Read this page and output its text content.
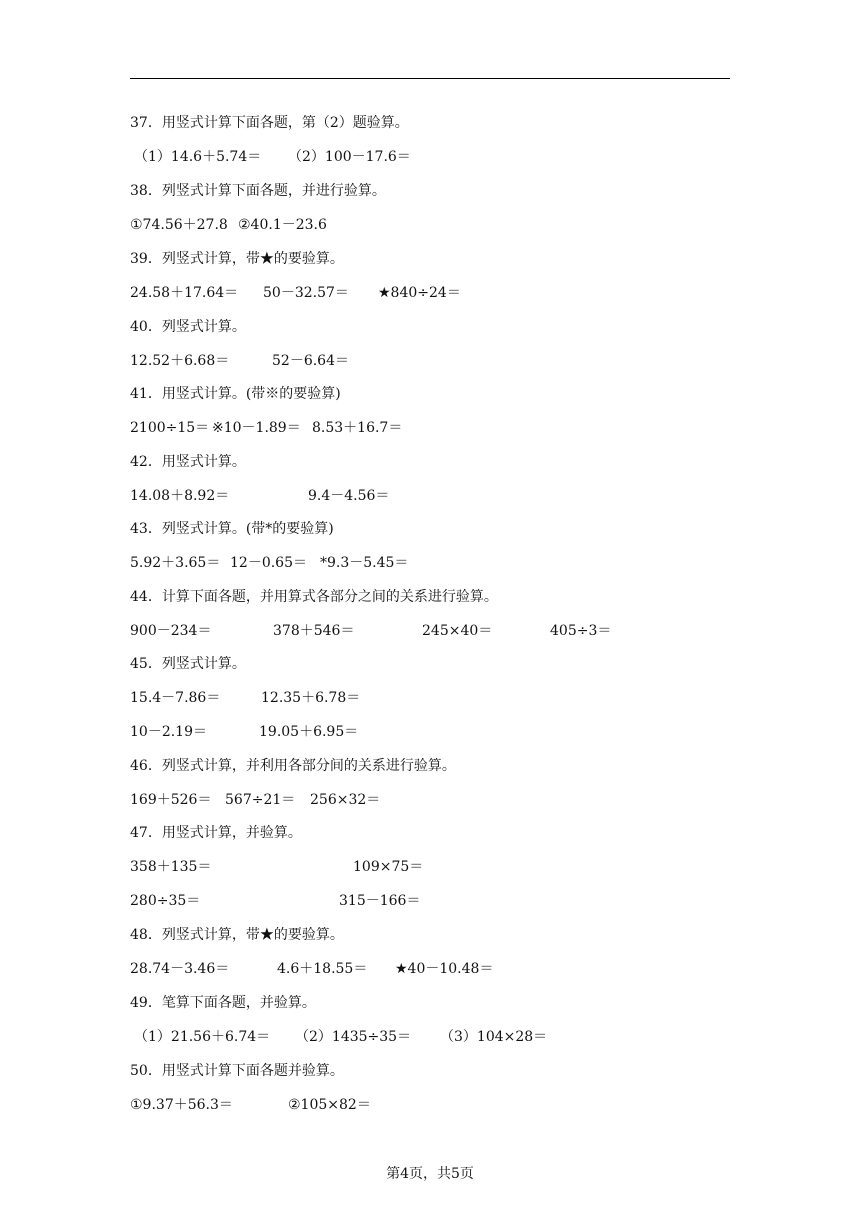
37．用竖式计算下面各题，第（2）题验算。
（1）14.6＋5.74＝ （2）100－17.6＝
38．列竖式计算下面各题，并进行验算。
①74.56＋27.8 ②40.1－23.6
39．列竖式计算，带★的要验算。
24.58＋17.64＝ 50－32.57＝ ★840÷24＝
40．列竖式计算。
12.52＋6.68＝	52－6.64＝
41．用竖式计算。(带※的要验算)
2100÷15＝ ※10－1.89＝ 8.53＋16.7＝
42．用竖式计算。
14.08＋8.92＝	9.4－4.56＝
43．列竖式计算。(带*的要验算)
5.92＋3.65＝ 12－0.65＝ *9.3－5.45＝
44．计算下面各题，并用算式各部分之间的关系进行验算。
900－234＝	378＋546＝	245×40＝	405÷3＝
45．列竖式计算。
15.4－7.86＝	12.35＋6.78＝
10－2.19＝	19.05＋6.95＝
46．列竖式计算，并利用各部分间的关系进行验算。
169＋526＝ 567÷21＝ 256×32＝
47．用竖式计算，并验算。
358＋135＝	109×75＝
280÷35＝	315－166＝
48．列竖式计算，带★的要验算。
28.74－3.46＝	4.6＋18.55＝ ★40－10.48＝
49．笔算下面各题，并验算。
（1）21.56＋6.74＝ （2）1435÷35＝ （3）104×28＝
50．用竖式计算下面各题并验算。
①9.37＋56.3＝	②105×82＝
第4页，共5页
